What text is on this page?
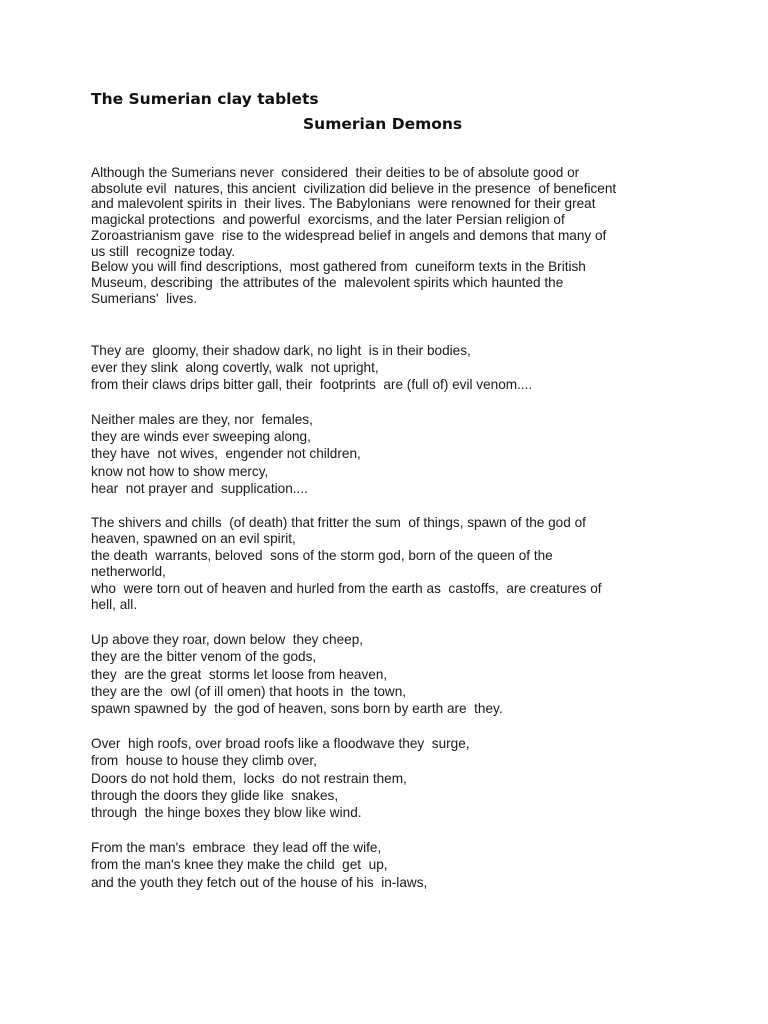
The Sumerian clay tablets
Sumerian Demons

Although the Sumerians never  considered  their deities to be of absolute good or
absolute evil  natures, this ancient  civilization did believe in the presence  of beneficent
and malevolent spirits in  their lives. The Babylonians  were renowned for their great
magickal protections  and powerful  exorcisms, and the later Persian religion of
Zoroastrianism gave  rise to the widespread belief in angels and demons that many of
us still  recognize today.
Below you will find descriptions,  most gathered from  cuneiform texts in the British
Museum, describing  the attributes of the  malevolent spirits which haunted the
Sumerians'  lives.

They are  gloomy, their shadow dark, no light  is in their bodies,
ever they slink  along covertly, walk  not upright,
from their claws drips bitter gall, their  footprints  are (full of) evil venom....

Neither males are they, nor  females,
they are winds ever sweeping along,
they have  not wives,  engender not children,
know not how to show mercy,
hear  not prayer and  supplication....

The shivers and chills  (of death) that fritter the sum  of things, spawn of the god of
heaven, spawned on an evil spirit,
the death  warrants, beloved  sons of the storm god, born of the queen of the
netherworld,
who  were torn out of heaven and hurled from the earth as  castoffs,  are creatures of
hell, all.

Up above they roar, down below  they cheep,
they are the bitter venom of the gods,
they  are the great  storms let loose from heaven,
they are the  owl (of ill omen) that hoots in  the town,
spawn spawned by  the god of heaven, sons born by earth are  they.

Over  high roofs, over broad roofs like a floodwave they  surge,
from  house to house they climb over,
Doors do not hold them,  locks  do not restrain them,
through the doors they glide like  snakes,
through  the hinge boxes they blow like wind.

From the man's  embrace  they lead off the wife,
from the man's knee they make the child  get  up,
and the youth they fetch out of the house of his  in-laws,
